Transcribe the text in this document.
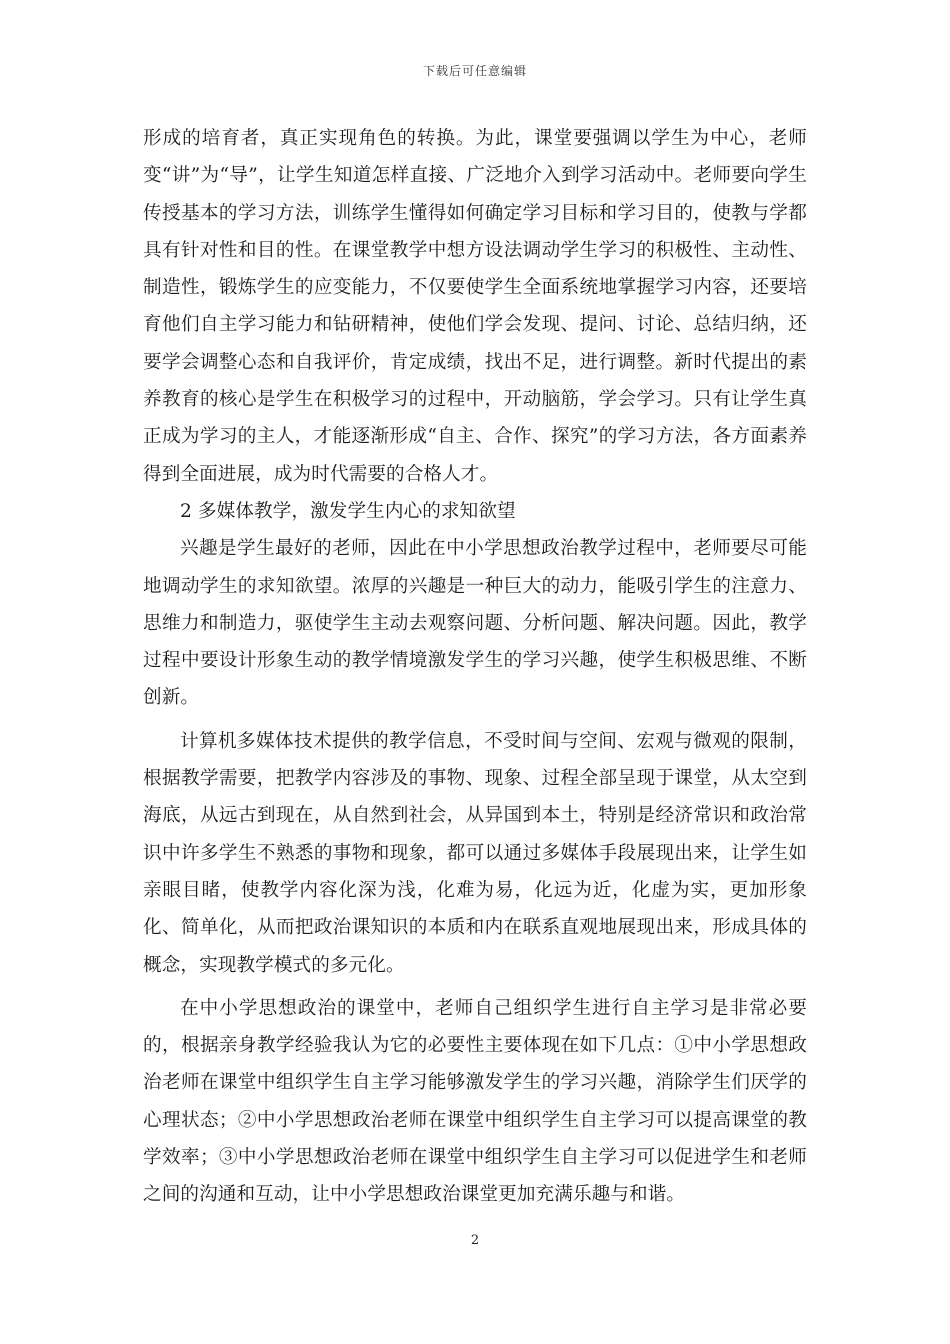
下载后可任意编辑

形成的培育者，真正实现角色的转换。为此，课堂要强调以学生为中心，老师变“讲”为“导”，让学生知道怎样直接、广泛地介入到学习活动中。老师要向学生传授基本的学习方法，训练学生懂得如何确定学习目标和学习目的，使教与学都具有针对性和目的性。在课堂教学中想方设法调动学生学习的积极性、主动性、制造性，锻炼学生的应变能力，不仅要使学生全面系统地掌握学习内容，还要培育他们自主学习能力和钻研精神，使他们学会发现、提问、讨论、总结归纳，还要学会调整心态和自我评价，肯定成绩，找出不足，进行调整。新时代提出的素养教育的核心是学生在积极学习的过程中，开动脑筋，学会学习。只有让学生真正成为学习的主人，才能逐渐形成“自主、合作、探究”的学习方法，各方面素养得到全面进展，成为时代需要的合格人才。

2 多媒体教学，激发学生内心的求知欲望

兴趣是学生最好的老师，因此在中小学思想政治教学过程中，老师要尽可能地调动学生的求知欲望。浓厚的兴趣是一种巨大的动力，能吸引学生的注意力、思维力和制造力，驱使学生主动去观察问题、分析问题、解决问题。因此，教学过程中要设计形象生动的教学情境激发学生的学习兴趣，使学生积极思维、不断创新。

计算机多媒体技术提供的教学信息，不受时间与空间、宏观与微观的限制，根据教学需要，把教学内容涉及的事物、现象、过程全部呈现于课堂，从太空到海底，从远古到现在，从自然到社会，从异国到本土，特别是经济常识和政治常识中许多学生不熟悉的事物和现象，都可以通过多媒体手段展现出来，让学生如亲眼目睹，使教学内容化深为浅，化难为易，化远为近，化虚为实，更加形象化、简单化，从而把政治课知识的本质和内在联系直观地展现出来，形成具体的概念，实现教学模式的多元化。

在中小学思想政治的课堂中，老师自己组织学生进行自主学习是非常必要的，根据亲身教学经验我认为它的必要性主要体现在如下几点：①中小学思想政治老师在课堂中组织学生自主学习能够激发学生的学习兴趣，消除学生们厌学的心理状态；②中小学思想政治老师在课堂中组织学生自主学习可以提高课堂的教学效率；③中小学思想政治老师在课堂中组织学生自主学习可以促进学生和老师之间的沟通和互动，让中小学思想政治课堂更加充满乐趣与和谐。

2
